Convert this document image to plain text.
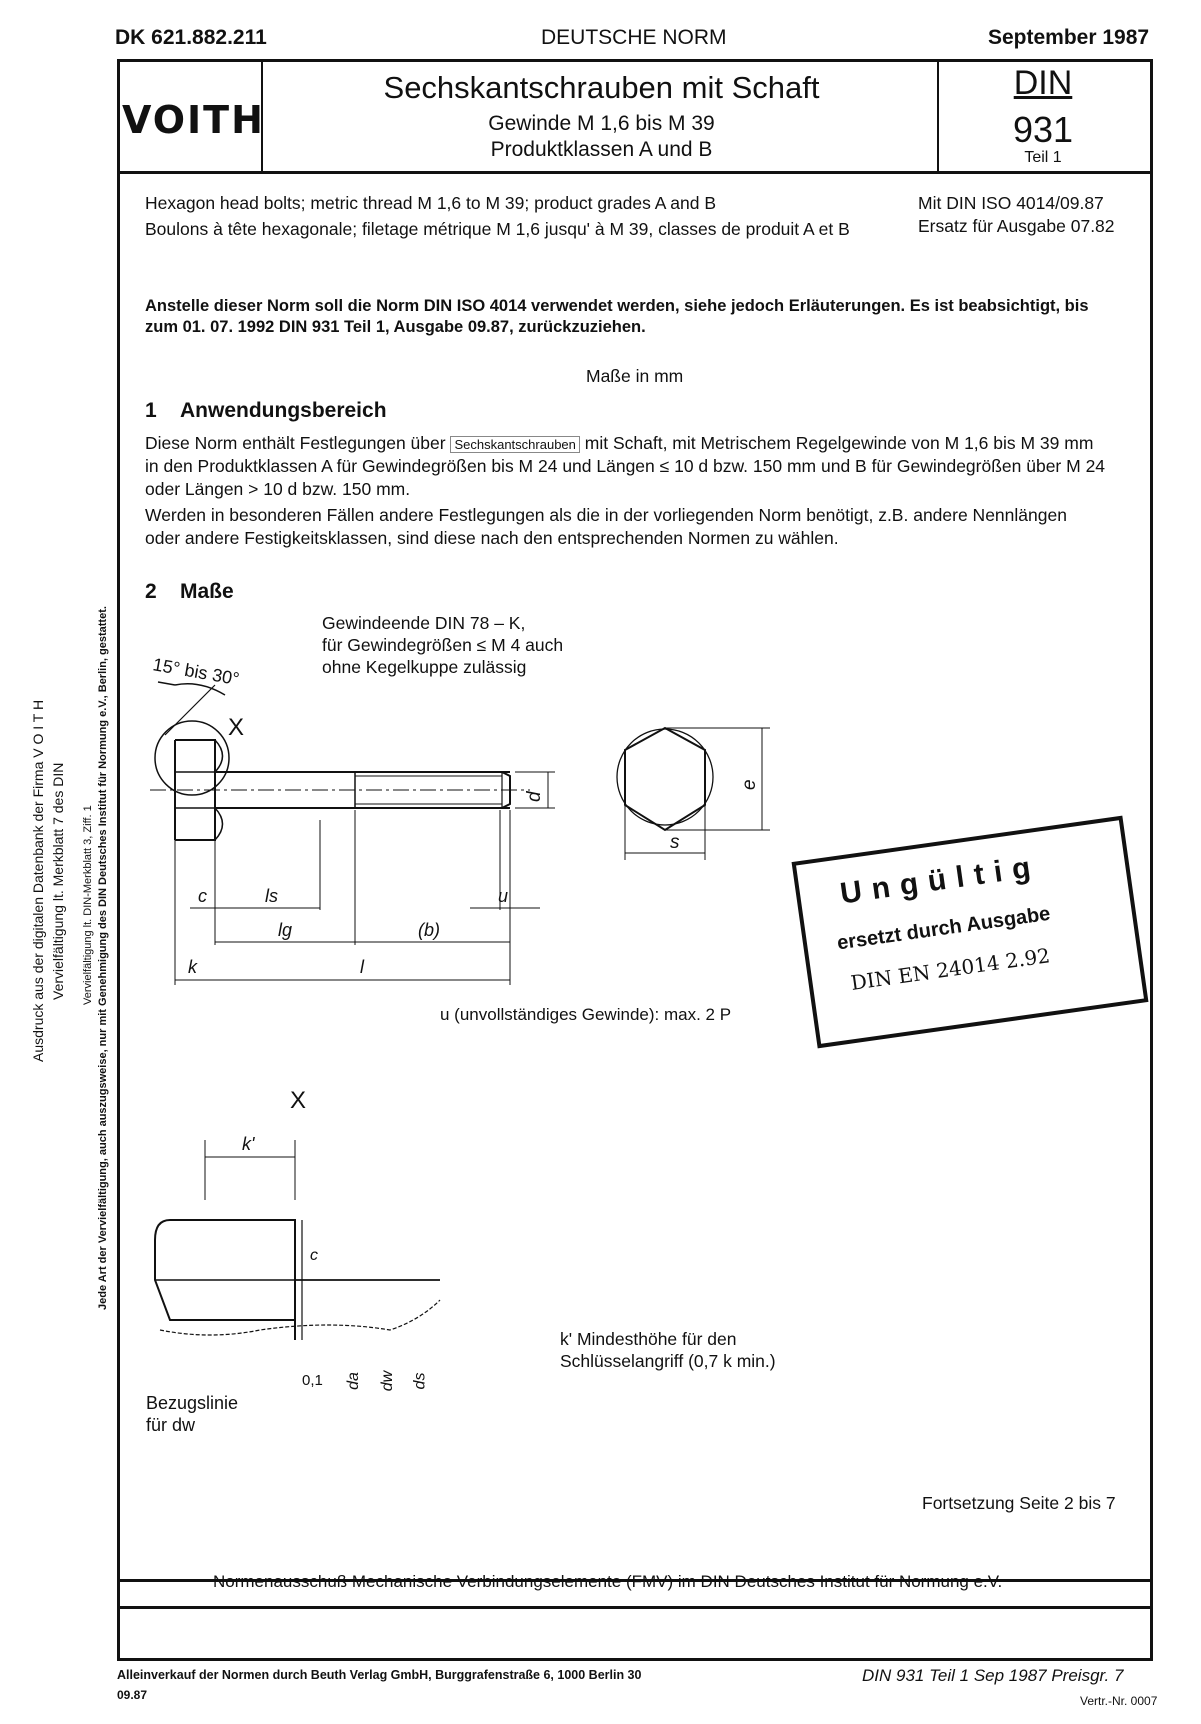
DK 621.882.211	DEUTSCHE NORM	September 1987
VOITH
Sechskantschrauben mit Schaft
Gewinde M 1,6 bis M 39
Produktklassen A und B
DIN
931
Teil 1
Hexagon head bolts; metric thread M 1,6 to M 39; product grades A and B
Boulons à tête hexagonale; filetage métrique M 1,6 jusqu' à M 39, classes de produit A et B
Mit DIN ISO 4014/09.87
Ersatz für Ausgabe 07.82
Anstelle dieser Norm soll die Norm DIN ISO 4014 verwendet werden, siehe jedoch Erläuterungen. Es ist beabsichtigt, bis
zum 01. 07. 1992 DIN 931 Teil 1, Ausgabe 09.87, zurückzuziehen.
Maße in mm
1 Anwendungsbereich
Diese Norm enthält Festlegungen über Sechskantschrauben mit Schaft, mit Metrischem Regelgewinde von M 1,6 bis M 39 mm
in den Produktklassen A für Gewindegrößen bis M 24 und Längen ≤ 10 d bzw. 150 mm und B für Gewindegrößen über M 24
oder Längen > 10 d bzw. 150 mm.
Werden in besonderen Fällen andere Festlegungen als die in der vorliegenden Norm benötigt, z.B. andere Nennlängen
oder andere Festigkeitsklassen, sind diese nach den entsprechenden Normen zu wählen.
2 Maße
Gewindeende DIN 78 – K,
für Gewindegrößen ≤ M 4 auch
ohne Kegelkuppe zulässig
15° bis 30°
X
d
s
e
c	ls	u
lg	(b)
k	l
u (unvollständiges Gewinde): max. 2 P
X
k'
c
0,1 da dw ds
Bezugslinie
für dw
k' Mindesthöhe für den
Schlüsselangriff (0,7 k min.)
Ungültig
ersetzt durch Ausgabe
DIN EN 24014 2.92
Fortsetzung Seite 2 bis 7
Normenausschuß Mechanische Verbindungselemente (FMV) im DIN Deutsches Institut für Normung e.V.
Ausdruck aus der digitalen Datenbank der Firma V O I T H Vervielfältigung lt. Merkblatt 7 des DIN Vervielfältigung lt. DIN-Merkblatt 3, Ziff. 1 Jede Art der Vervielfältigung, auch auszugsweise, nur mit Genehmigung des DIN Deutsches Institut für Normung e.V., Berlin, gestattet.
Alleinverkauf der Normen durch Beuth Verlag GmbH, Burggrafenstraße 6, 1000 Berlin 30
09.87
DIN 931 Teil 1 Sep 1987 Preisgr. 7
Vertr.-Nr. 0007
